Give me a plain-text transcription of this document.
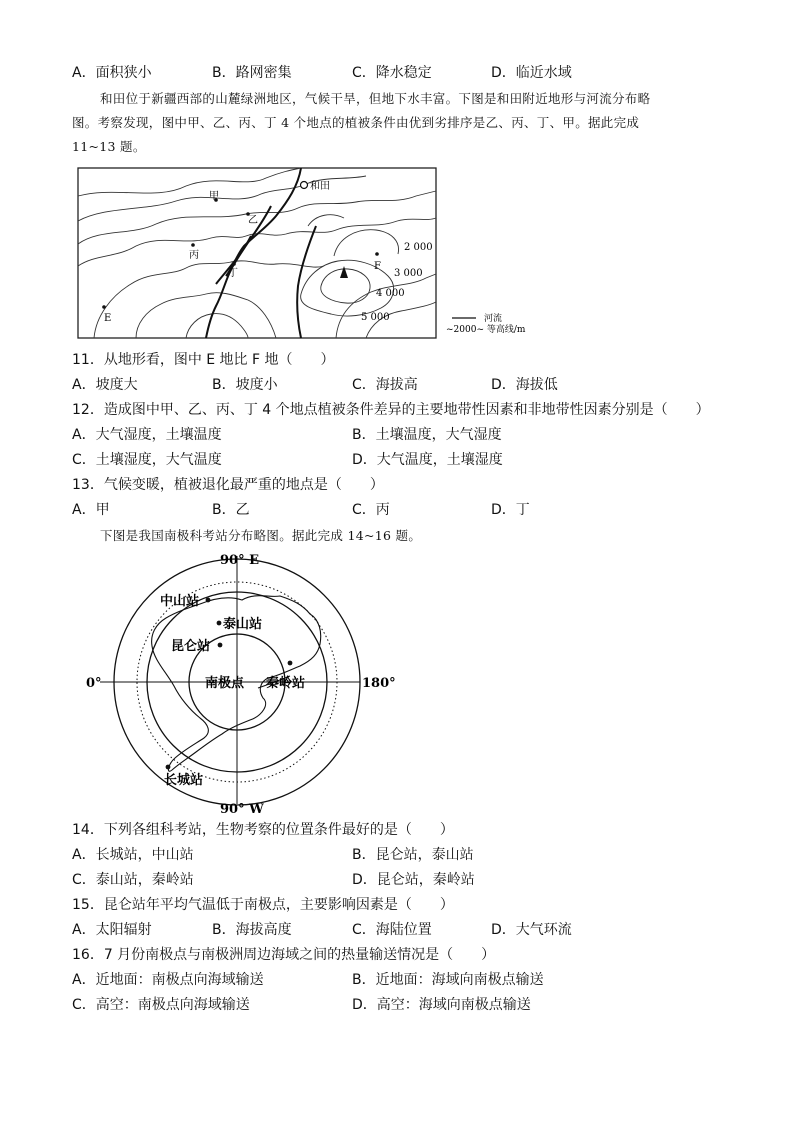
A．面积狭小	B．路网密集	C．降水稳定	D．临近水域
和田位于新疆西部的山麓绿洲地区，气候干旱，但地下水丰富。下图是和田附近地形与河流分布略
图。考察发现，图中甲、乙、丙、丁 4 个地点的植被条件由优到劣排序是乙、丙、丁、甲。据此完成
11~13 题。
和田
甲
乙
丙
丁
E
F
2 000
3 000
4 000
5 000	河流
~2000~ 等高线/m
11．从地形看，图中 E 地比 F 地（　　）
A．坡度大	B．坡度小	C．海拔高	D．海拔低
12．造成图中甲、乙、丙、丁 4 个地点植被条件差异的主要地带性因素和非地带性因素分别是（　　）
A．大气湿度，土壤温度	B．土壤温度，大气湿度
C．土壤湿度，大气温度	D．大气温度，土壤湿度
13．气候变暖，植被退化最严重的地点是（　　）
A．甲	B．乙	C．丙	D．丁
下图是我国南极科考站分布略图。据此完成 14~16 题。
90° E
90° W
0°	180°
南极点
中山站
泰山站
昆仑站
秦岭站
长城站
14．下列各组科考站，生物考察的位置条件最好的是（　　）
A．长城站，中山站	B．昆仑站，泰山站
C．泰山站，秦岭站	D．昆仑站，秦岭站
15．昆仑站年平均气温低于南极点，主要影响因素是（　　）
A．太阳辐射	B．海拔高度	C．海陆位置	D．大气环流
16．7 月份南极点与南极洲周边海域之间的热量输送情况是（　　）
A．近地面：南极点向海域输送	B．近地面：海域向南极点输送
C．高空：南极点向海域输送	D．高空：海域向南极点输送
